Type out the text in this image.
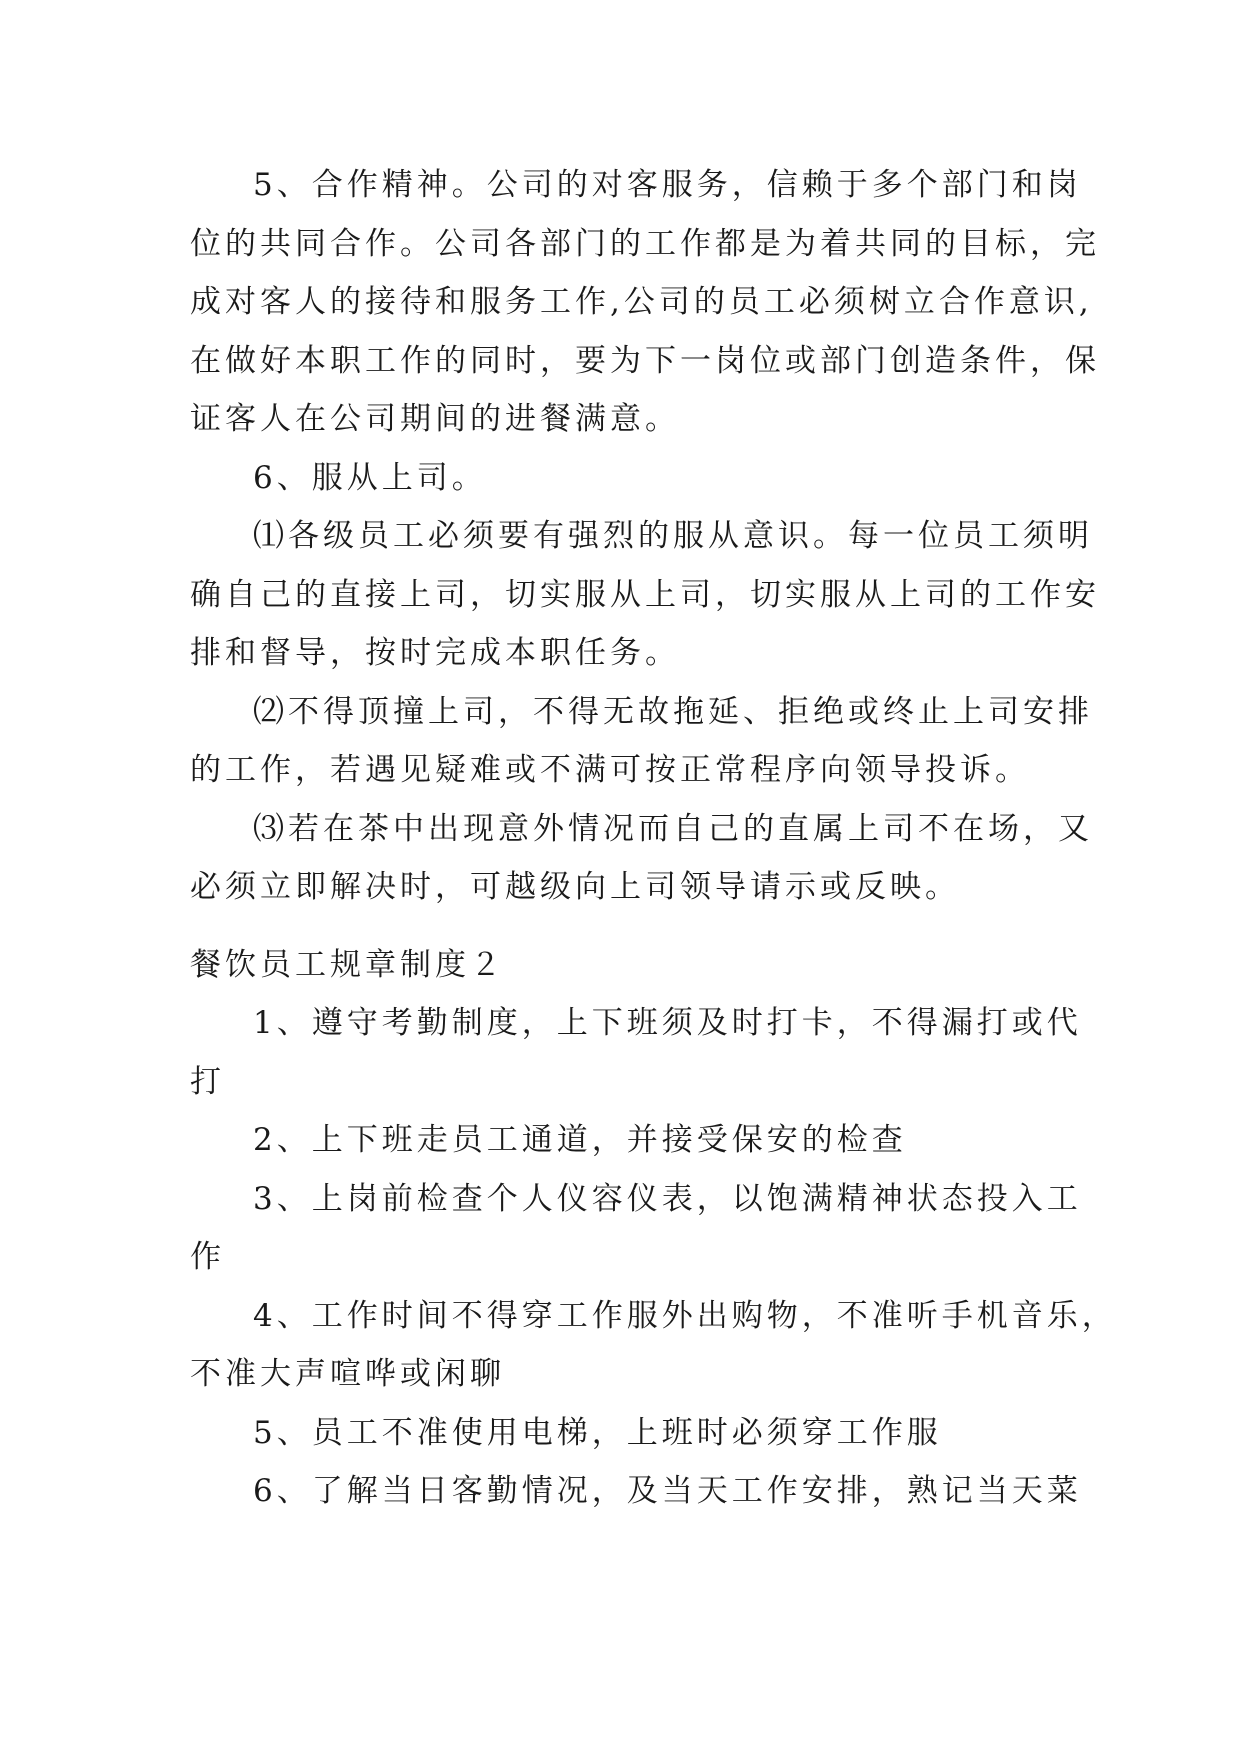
5、合作精神。公司的对客服务，信赖于多个部门和岗

位的共同合作。公司各部门的工作都是为着共同的目标，完

成对客人的接待和服务工作,公司的员工必须树立合作意识,

在做好本职工作的同时，要为下一岗位或部门创造条件，保

证客人在公司期间的进餐满意。

6、服从上司。

⑴各级员工必须要有强烈的服从意识。每一位员工须明

确自己的直接上司，切实服从上司，切实服从上司的工作安

排和督导，按时完成本职任务。

⑵不得顶撞上司，不得无故拖延、拒绝或终止上司安排

的工作，若遇见疑难或不满可按正常程序向领导投诉。

⑶若在茶中出现意外情况而自己的直属上司不在场，又

必须立即解决时，可越级向上司领导请示或反映。

餐饮员工规章制度２

1、遵守考勤制度，上下班须及时打卡，不得漏打或代

打

2、上下班走员工通道，并接受保安的检查

3、上岗前检查个人仪容仪表，以饱满精神状态投入工

作

4、工作时间不得穿工作服外出购物，不准听手机音乐，

不准大声喧哗或闲聊

5、员工不准使用电梯，上班时必须穿工作服

6、了解当日客勤情况，及当天工作安排，熟记当天菜
